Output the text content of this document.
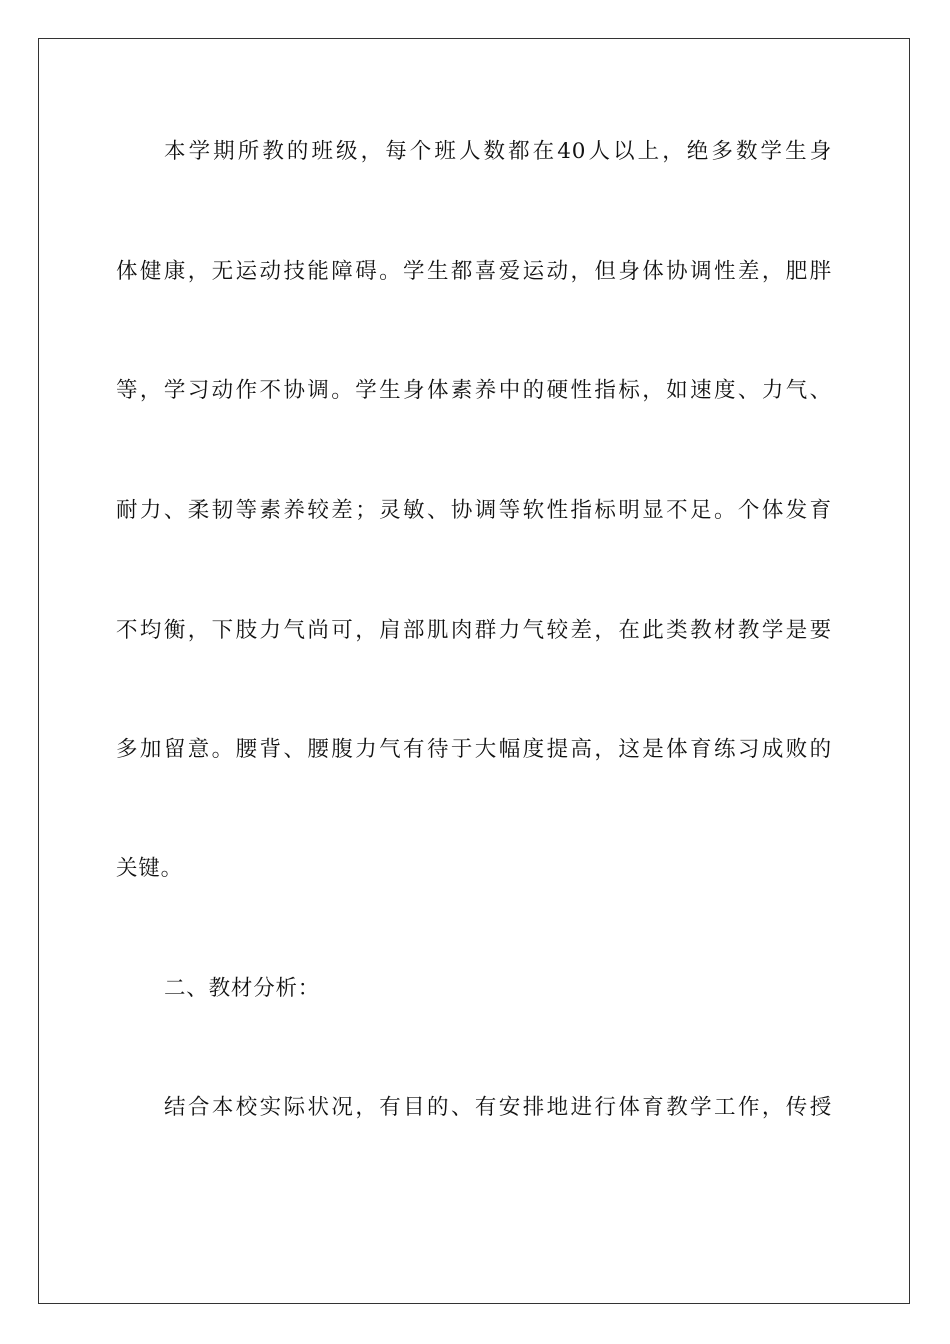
本学期所教的班级，每个班人数都在40人以上，绝多数学生身
体健康，无运动技能障碍。学生都喜爱运动，但身体协调性差，肥胖
等，学习动作不协调。学生身体素养中的硬性指标，如速度、力气、
耐力、柔韧等素养较差；灵敏、协调等软性指标明显不足。个体发育
不均衡，下肢力气尚可，肩部肌肉群力气较差，在此类教材教学是要
多加留意。腰背、腰腹力气有待于大幅度提高，这是体育练习成败的
关键。
二、教材分析：
结合本校实际状况，有目的、有安排地进行体育教学工作，传授
